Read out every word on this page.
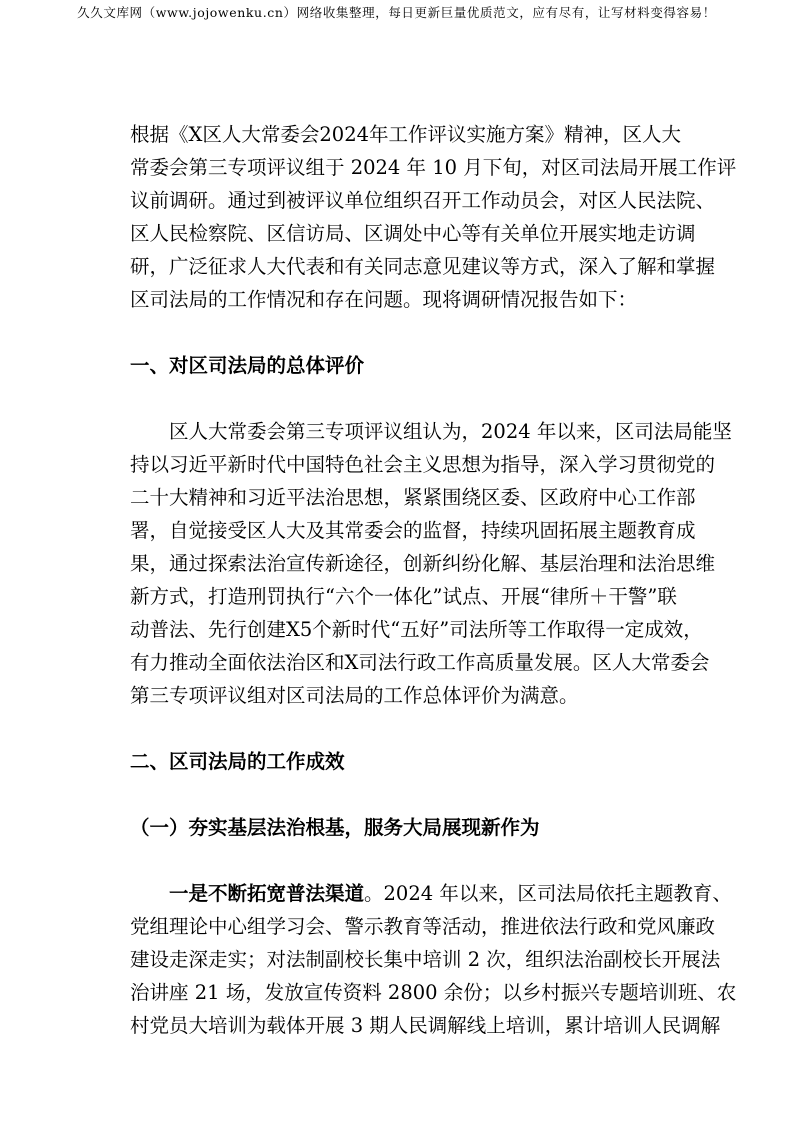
久久文库网（www.jojowenku.cn）网络收集整理，每日更新巨量优质范文，应有尽有，让写材料变得容易！

根据《X区人大常委会2024年工作评议实施方案》精神，区人大
常委会第三专项评议组于 2024 年 10 月下旬，对区司法局开展工作评
议前调研。通过到被评议单位组织召开工作动员会，对区人民法院、
区人民检察院、区信访局、区调处中心等有关单位开展实地走访调
研，广泛征求人大代表和有关同志意见建议等方式，深入了解和掌握
区司法局的工作情况和存在问题。现将调研情况报告如下：

一、对区司法局的总体评价

区人大常委会第三专项评议组认为，2024 年以来，区司法局能坚
持以习近平新时代中国特色社会主义思想为指导，深入学习贯彻党的
二十大精神和习近平法治思想，紧紧围绕区委、区政府中心工作部
署，自觉接受区人大及其常委会的监督，持续巩固拓展主题教育成
果，通过探索法治宣传新途径，创新纠纷化解、基层治理和法治思维
新方式，打造刑罚执行“六个一体化”试点、开展“律所＋干警”联
动普法、先行创建X5个新时代“五好”司法所等工作取得一定成效，
有力推动全面依法治区和X司法行政工作高质量发展。区人大常委会
第三专项评议组对区司法局的工作总体评价为满意。

二、区司法局的工作成效
（一）夯实基层法治根基，服务大局展现新作为

一是不断拓宽普法渠道。2024 年以来，区司法局依托主题教育、
党组理论中心组学习会、警示教育等活动，推进依法行政和党风廉政
建设走深走实；对法制副校长集中培训 2 次，组织法治副校长开展法
治讲座 21 场，发放宣传资料 2800 余份；以乡村振兴专题培训班、农
村党员大培训为载体开展 3 期人民调解线上培训，累计培训人民调解
